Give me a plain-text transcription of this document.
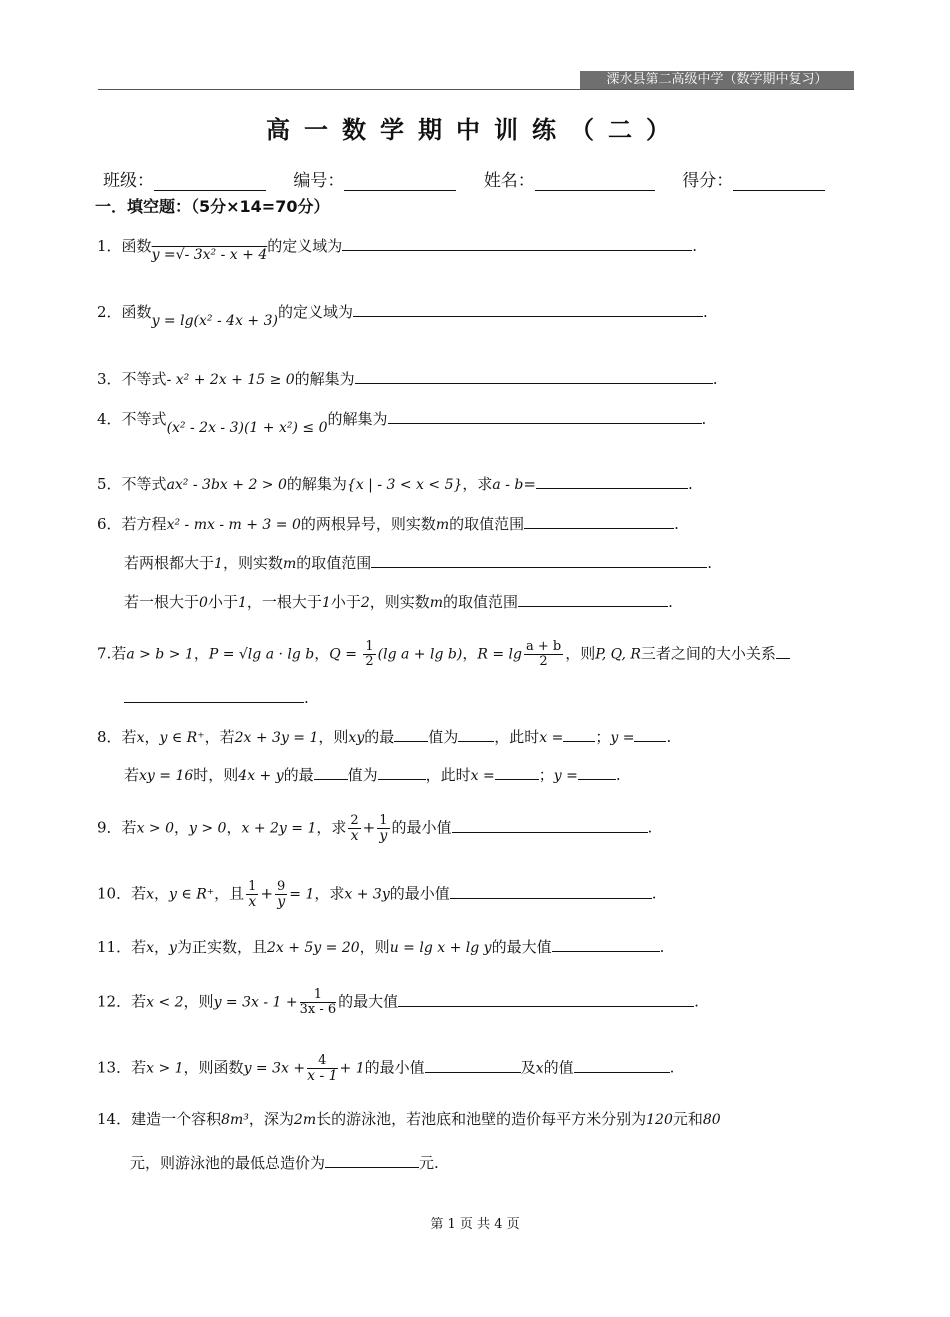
溧水县第二高级中学（数学期中复习）
高一数学期中训练（二）
班级：	编号：	姓名：	得分：
一．填空题：（5分×14=70分）
1．函数y =√- 3x² - x + 4的定义域为	.
2．函数y = lg(x² - 4x + 3)的定义域为	.
3．不等式- x² + 2x + 15 ≥ 0的解集为	.
4．不等式(x² - 2x - 3)(1 + x²) ≤ 0的解集为	.
5．不等式ax² - 3bx + 2 > 0的解集为{x | - 3 < x < 5}，求a - b=	.
6．若方程x² - mx - m + 3 = 0的两根异号，则实数m的取值范围	.
若两根都大于1，则实数m的取值范围	.
若一根大于0小于1，一根大于1小于2，则实数m的取值范围	.
7.若a > b > 1，P = √lg a · lg b，$Q = \frac{1}{2} (\lg$ a + lg b)，$R = \lg \frac{a + b}{2}$ ，则P, Q, R三者之间的大小关系
.
8．若x，y ∈ R⁺，若2x + 3y = 1，则xy的最 值为 ，此时x = ；y = .
若xy = 16时，则4x + y的最 值为	，此时x =	；y =	.
9．若x > 0，y > 0，x + 2y = 1，求 $\frac{2}{x} + \frac{1}{y}$ 的最小值	.
10．若x，y ∈ R⁺，且 $\frac{1}{x} + \frac{9}{y} = 1$，求x + 3y的最小值	.
11．若x，y为正实数，且2x + 5y = 20，则u = lg x + lg y的最大值	.
12．若x < 2，则$y = 3x - 1 + \frac{1}{3x - 6}$ 的最大值	.
13．若x > 1，则函数$y = 3x + \frac{4}{x - 1} + 1$的最小值	及x的值	.
14．建造一个容积8m³，深为2m长的游泳池，若池底和池壁的造价每平方米分别为120元和80
元，则游泳池的最低总造价为	元.
第 1 页 共 4 页
